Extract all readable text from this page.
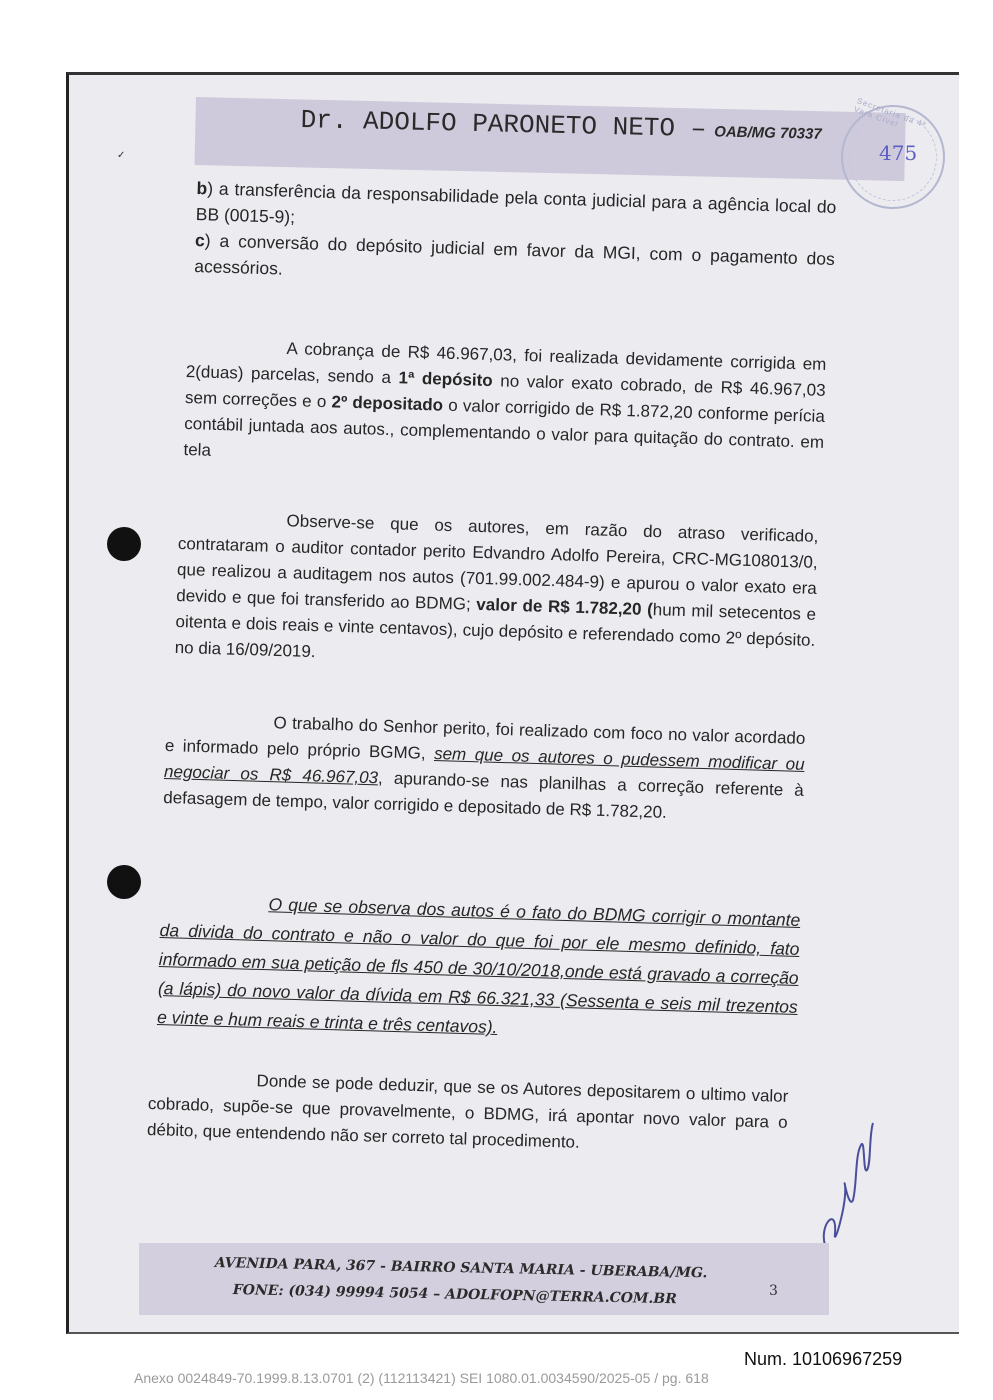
Dr. ADOLFO PARONETO NETO – OAB/MG 70337
Secretaria da 4ª Vara Cível
475
✓
b) a transferência da responsabilidade pela conta judicial para a agência local do BB (0015-9);
c) a conversão do depósito judicial em favor da MGI, com o pagamento dos acessórios.
A cobrança de R$ 46.967,03, foi realizada devidamente corrigida em 2(duas) parcelas, sendo a 1ª depósito no valor exato cobrado, de R$ 46.967,03 sem correções e o 2º depositado o valor corrigido de R$ 1.872,20 conforme perícia contábil juntada aos autos., complementando o valor para quitação do contrato. em tela
Observe-se que os autores, em razão do atraso verificado, contrataram o auditor contador perito Edvandro Adolfo Pereira, CRC-MG108013/0, que realizou a auditagem nos autos (701.99.002.484-9) e apurou o valor exato era devido e que foi transferido ao BDMG; valor de R$ 1.782,20 (hum mil setecentos e oitenta e dois reais e vinte centavos), cujo depósito e referendado como 2º depósito. no dia 16/09/2019.
O trabalho do Senhor perito, foi realizado com foco no valor acordado e informado pelo próprio BGMG, sem que os autores o pudessem modificar ou negociar os R$ 46.967,03, apurando-se nas planilhas a correção referente à defasagem de tempo, valor corrigido e depositado de R$ 1.782,20.
O que se observa dos autos é o fato do BDMG corrigir o montante da divida do contrato e não o valor do que foi por ele mesmo definido, fato informado em sua petição de fls 450 de 30/10/2018,onde está gravado a correção (a lápis) do novo valor da dívida em R$ 66.321,33 (Sessenta e seis mil trezentos e vinte e hum reais e trinta e três centavos).
Donde se pode deduzir, que se os Autores depositarem o ultimo valor cobrado, supõe-se que provavelmente, o BDMG, irá apontar novo valor para o débito, que entendendo não ser correto tal procedimento.
AVENIDA PARA, 367 - BAIRRO SANTA MARIA - UBERABA/MG.
FONE: (034) 99994 5054 – ADOLFOPN@TERRA.COM.BR	3
Num. 10106967259
Anexo 0024849-70.1999.8.13.0701 (2) (112113421) SEI 1080.01.0034590/2025-05 / pg. 618
